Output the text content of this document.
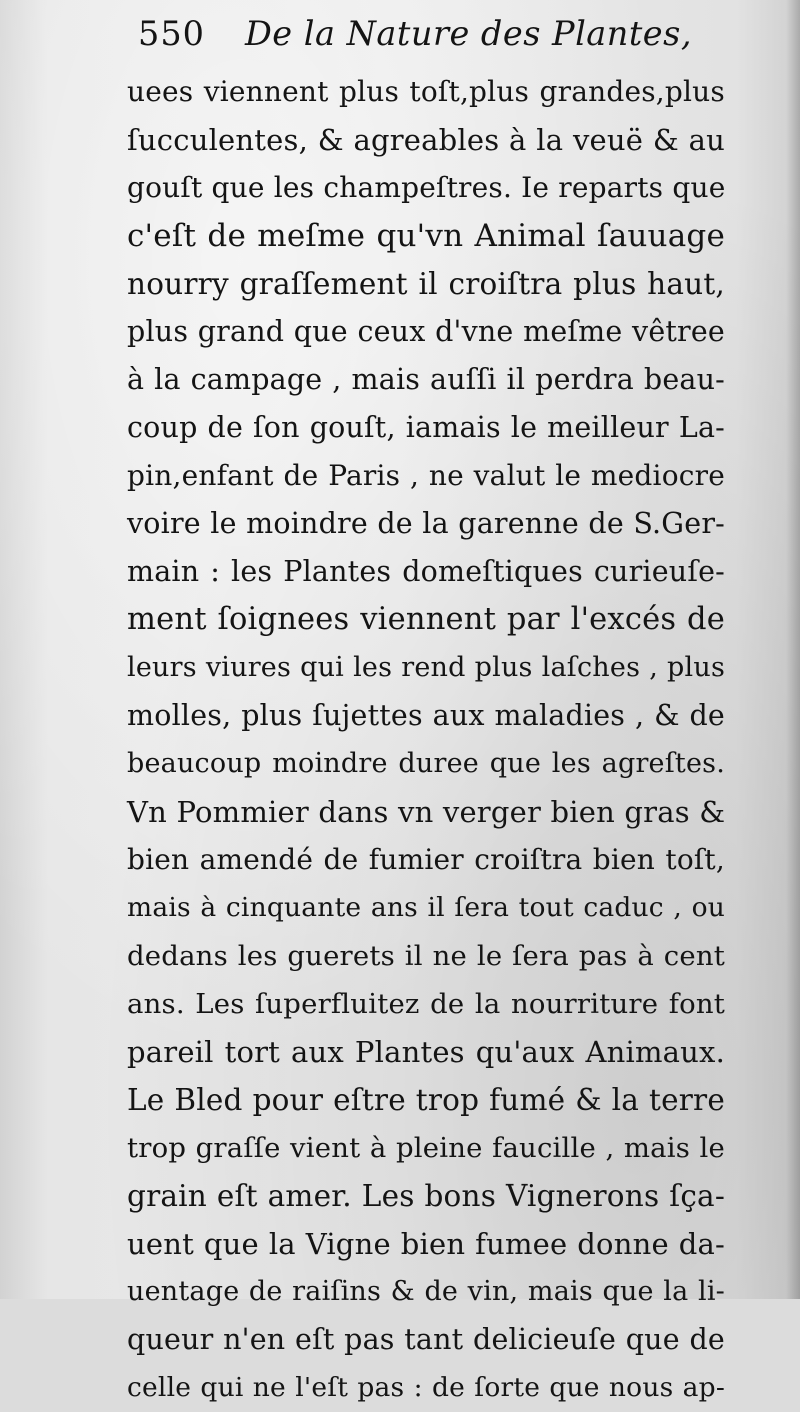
550 De la Nature des Plantes,
uees viennent plus toſt,plus grandes,plus
ſucculentes, & agreables à la veuë & au
gouſt que les champeſtres. Ie reparts que
c'eſt de meſme qu'vn Animal ſauuage
nourry graſſement il croiſtra plus haut,
plus grand que ceux d'vne meſme vêtree
à la campage , mais auſſi il perdra beau-
coup de ſon gouſt, iamais le meilleur La-
pin,enfant de Paris , ne valut le mediocre
voire le moindre de la garenne de S.Ger-
main : les Plantes domeſtiques curieuſe-
ment ſoignees viennent par l'excés de
leurs viures qui les rend plus laſches , plus
molles, plus ſujettes aux maladies , & de
beaucoup moindre duree que les agreſtes.
Vn Pommier dans vn verger bien gras &
bien amendé de fumier croiſtra bien toſt,
mais à cinquante ans il ſera tout caduc , ou
dedans les guerets il ne le ſera pas à cent
ans. Les ſuperfluitez de la nourriture font
pareil tort aux Plantes qu'aux Animaux.
Le Bled pour eſtre trop fumé & la terre
trop graſſe vient à pleine faucille , mais le
grain eſt amer. Les bons Vignerons ſça-
uent que la Vigne bien fumee donne da-
uentage de raiſins & de vin, mais que la li-
queur n'en eſt pas tant delicieuſe que de
celle qui ne l'eſt pas : de ſorte que nous ap-
